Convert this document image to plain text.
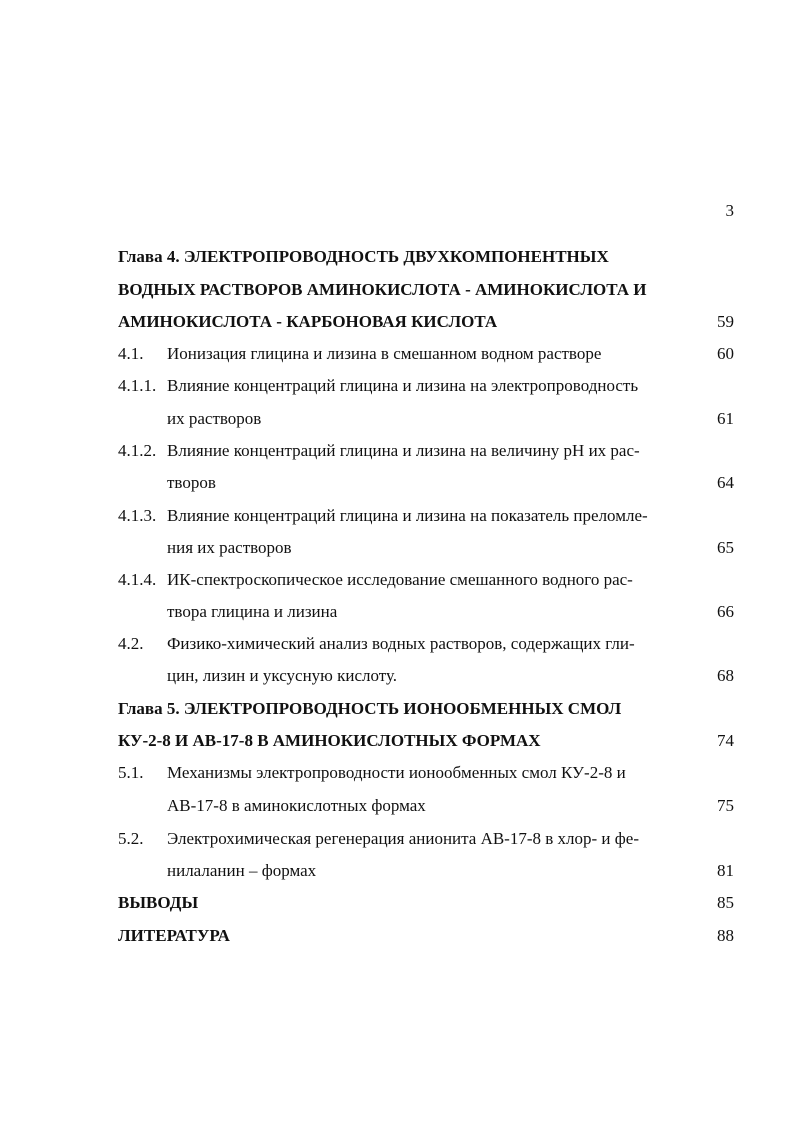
3
Глава 4. ЭЛЕКТРОПРОВОДНОСТЬ ДВУХКОМПОНЕНТНЫХ
ВОДНЫХ РАСТВОРОВ АМИНОКИСЛОТА - АМИНОКИСЛОТА И
АМИНОКИСЛОТА - КАРБОНОВАЯ КИСЛОТА	59
4.1. Ионизация глицина и лизина в смешанном водном растворе	60
4.1.1. Влияние концентраций глицина и лизина на электропроводность
их растворов	61
4.1.2. Влияние концентраций глицина и лизина на величину pH их рас-
творов	64
4.1.3. Влияние концентраций глицина и лизина на показатель преломле-
ния их растворов	65
4.1.4. ИК-спектроскопическое исследование смешанного водного рас-
твора глицина и лизина	66
4.2. Физико-химический анализ водных растворов, содержащих гли-
цин, лизин и уксусную кислоту.	68
Глава 5. ЭЛЕКТРОПРОВОДНОСТЬ ИОНООБМЕННЫХ СМОЛ
КУ-2-8 И АВ-17-8 В АМИНОКИСЛОТНЫХ ФОРМАХ	74
5.1. Механизмы электропроводности ионообменных смол КУ-2-8 и
АВ-17-8 в аминокислотных формах	75
5.2. Электрохимическая регенерация анионита АВ-17-8 в хлор- и фе-
нилаланин – формах	81
ВЫВОДЫ	85
ЛИТЕРАТУРА	88
